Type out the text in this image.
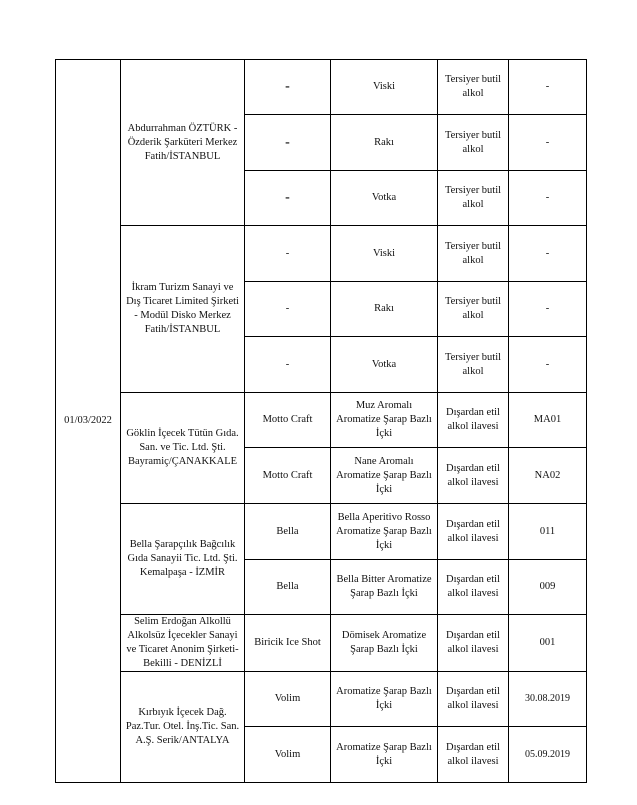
01/03/2022	Abdurrahman ÖZTÜRK - Özderik Şarküteri Merkez Fatih/İSTANBUL	-	Viski	Tersiyer butil alkol	-
		-	Rakı	Tersiyer butil alkol	-
		-	Votka	Tersiyer butil alkol	-
	İkram Turizm Sanayi ve Dış Ticaret Limited Şirketi - Modül Disko Merkez Fatih/İSTANBUL	-	Viski	Tersiyer butil alkol	-
		-	Rakı	Tersiyer butil alkol	-
		-	Votka	Tersiyer butil alkol	-
	Göklin İçecek Tütün Gıda. San. ve Tic. Ltd. Şti. Bayramiç/ÇANAKKALE	Motto Craft	Muz Aromalı Aromatize Şarap Bazlı İçki	Dışardan etil alkol ilavesi	MA01
		Motto Craft	Nane Aromalı Aromatize Şarap Bazlı İçki	Dışardan etil alkol ilavesi	NA02
	Bella Şarapçılık Bağcılık Gıda Sanayii Tic. Ltd. Şti. Kemalpaşa - İZMİR	Bella	Bella Aperitivo Rosso Aromatize Şarap Bazlı İçki	Dışardan etil alkol ilavesi	011
		Bella	Bella Bitter Aromatize Şarap Bazlı İçki	Dışardan etil alkol ilavesi	009
	Selim Erdoğan Alkollü Alkolsüz İçecekler Sanayi ve Ticaret Anonim Şirketi-Bekilli - DENİZLİ	Biricik Ice Shot	Dömisek Aromatize Şarap Bazlı İçki	Dışardan etil alkol ilavesi	001
	Kırbıyık İçecek Dağ. Paz.Tur. Otel. İnş.Tic. San. A.Ş. Serik/ANTALYA	Volim	Aromatize Şarap Bazlı İçki	Dışardan etil alkol ilavesi	30.08.2019
		Volim	Aromatize Şarap Bazlı İçki	Dışardan etil alkol ilavesi	05.09.2019
